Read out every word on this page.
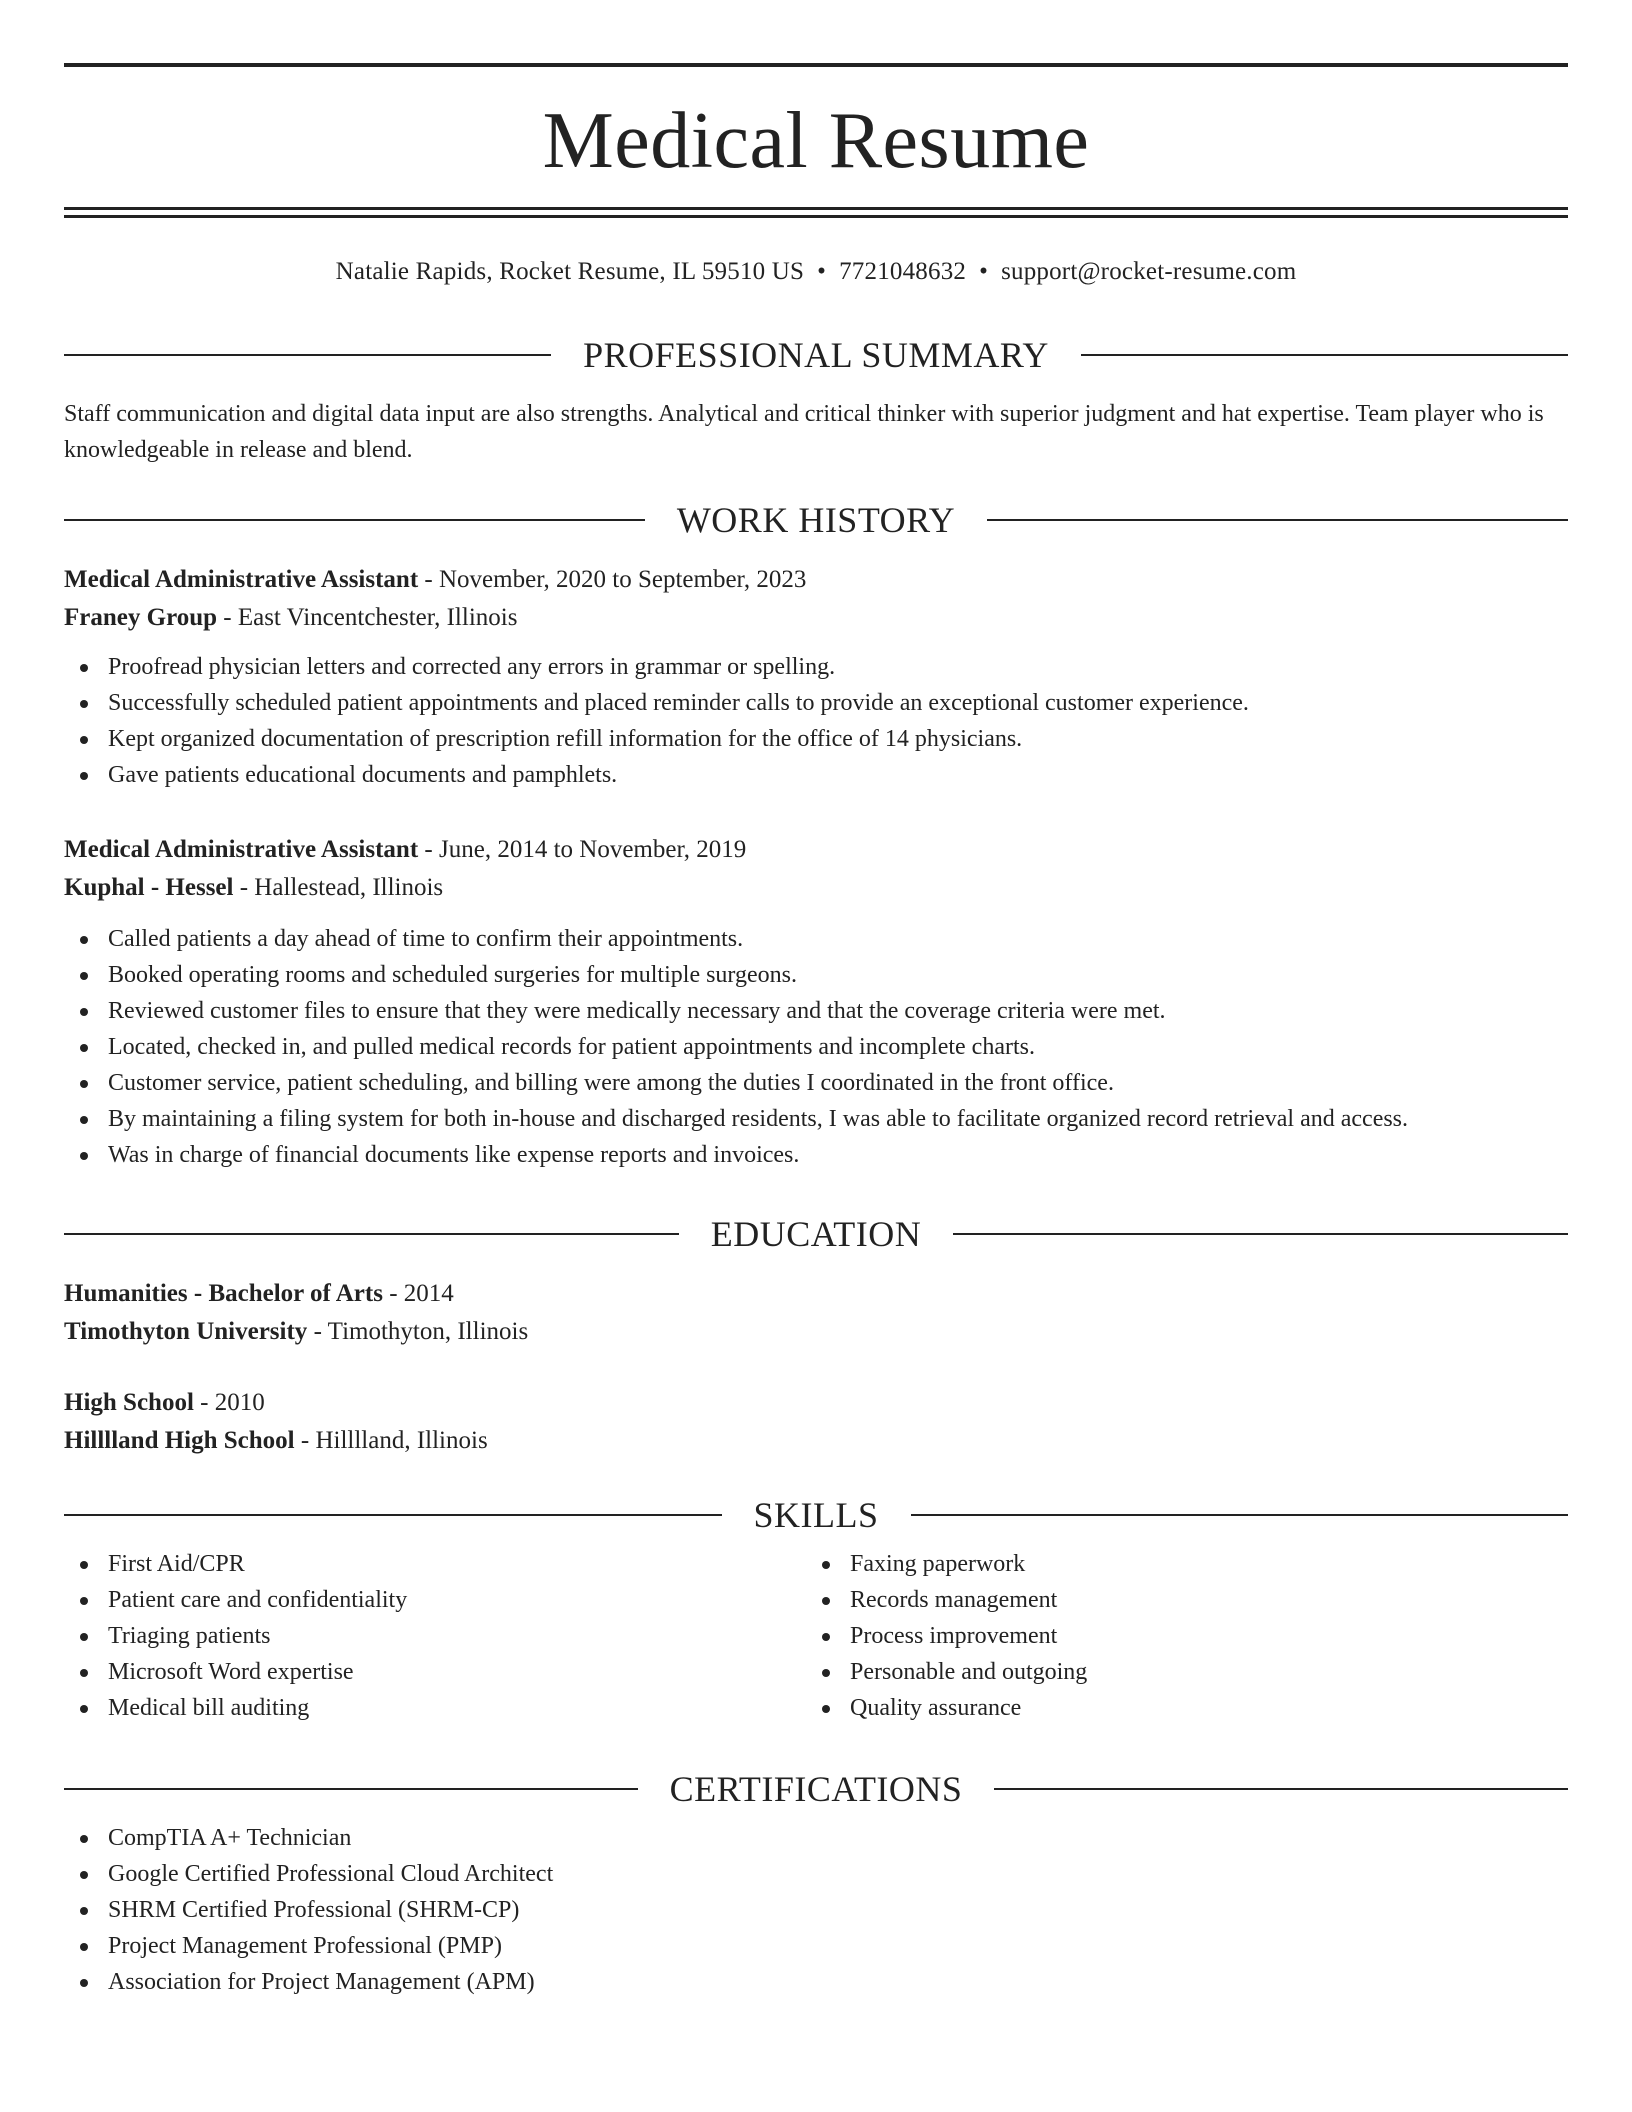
Medical Resume
Natalie Rapids, Rocket Resume, IL 59510 US • 7721048632 • support@rocket-resume.com
PROFESSIONAL SUMMARY
Staff communication and digital data input are also strengths. Analytical and critical thinker with superior judgment and hat expertise. Team player who is knowledgeable in release and blend.
WORK HISTORY
Medical Administrative Assistant - November, 2020 to September, 2023
Franey Group - East Vincentchester, Illinois
Proofread physician letters and corrected any errors in grammar or spelling.
Successfully scheduled patient appointments and placed reminder calls to provide an exceptional customer experience.
Kept organized documentation of prescription refill information for the office of 14 physicians.
Gave patients educational documents and pamphlets.
Medical Administrative Assistant - June, 2014 to November, 2019
Kuphal - Hessel - Hallestead, Illinois
Called patients a day ahead of time to confirm their appointments.
Booked operating rooms and scheduled surgeries for multiple surgeons.
Reviewed customer files to ensure that they were medically necessary and that the coverage criteria were met.
Located, checked in, and pulled medical records for patient appointments and incomplete charts.
Customer service, patient scheduling, and billing were among the duties I coordinated in the front office.
By maintaining a filing system for both in-house and discharged residents, I was able to facilitate organized record retrieval and access.
Was in charge of financial documents like expense reports and invoices.
EDUCATION
Humanities - Bachelor of Arts - 2014
Timothyton University - Timothyton, Illinois
High School - 2010
Hilllland High School - Hilllland, Illinois
SKILLS
First Aid/CPR
Patient care and confidentiality
Triaging patients
Microsoft Word expertise
Medical bill auditing
Faxing paperwork
Records management
Process improvement
Personable and outgoing
Quality assurance
CERTIFICATIONS
CompTIA A+ Technician
Google Certified Professional Cloud Architect
SHRM Certified Professional (SHRM-CP)
Project Management Professional (PMP)
Association for Project Management (APM)
